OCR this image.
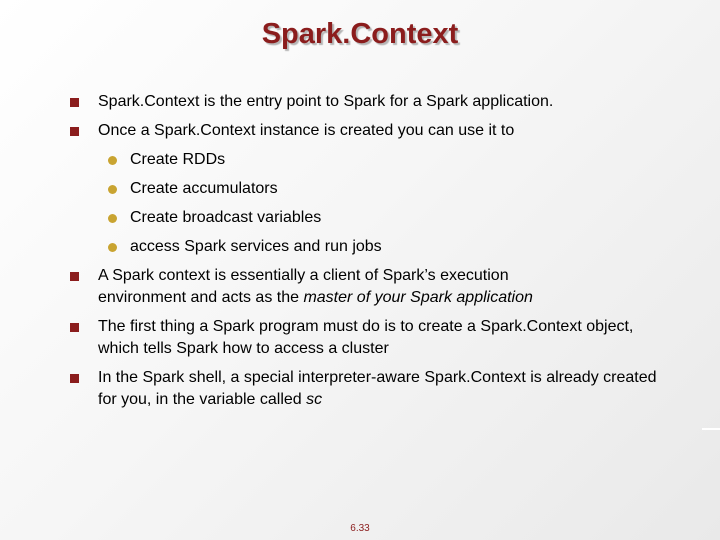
Spark.Context
Spark.Context is the entry point to Spark for a Spark application.
Once a Spark.Context instance is created you can use it to
Create RDDs
Create accumulators
Create broadcast variables
access Spark services and run jobs
A Spark context is essentially a client of Spark’s execution environment and acts as the master of your Spark application
The first thing a Spark program must do is to create a Spark.Context object, which tells Spark how to access a cluster
In the Spark shell, a special interpreter-aware Spark.Context is already created for you, in the variable called sc
6.33
